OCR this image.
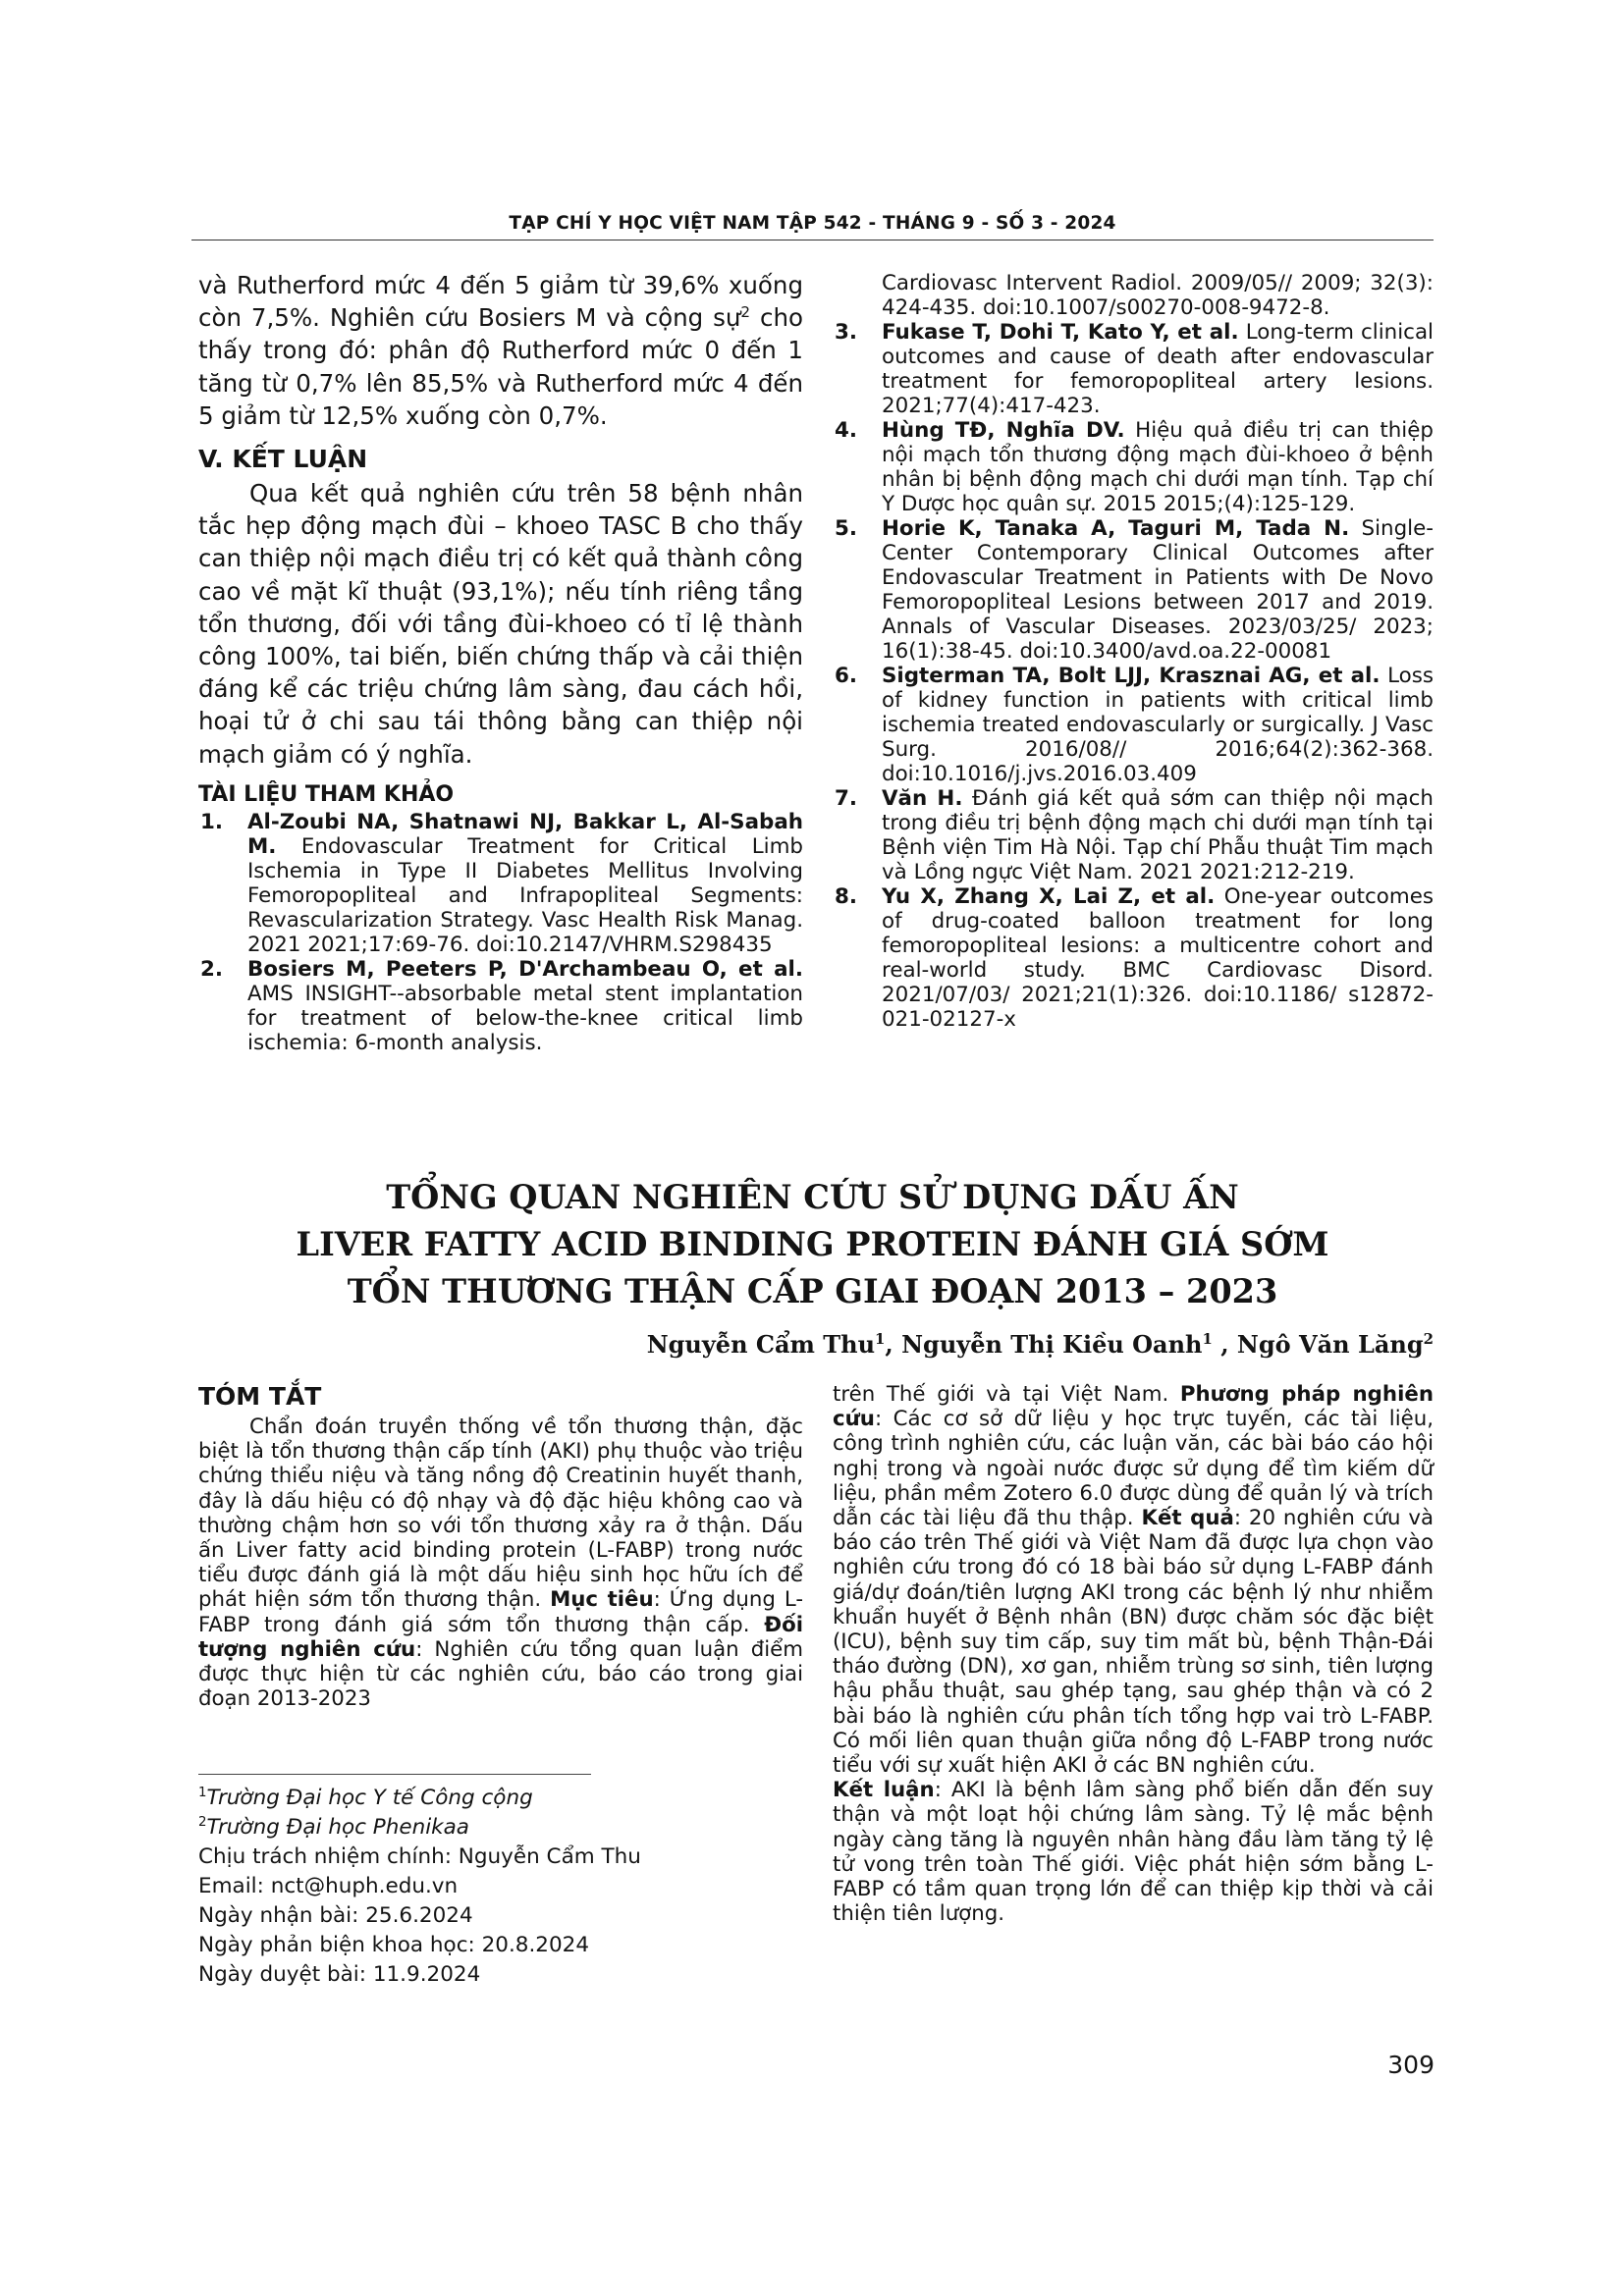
TẠP CHÍ Y HỌC VIỆT NAM TẬP 542 - THÁNG 9 - SỐ 3 - 2024

và Rutherford mức 4 đến 5 giảm từ 39,6% xuống còn 7,5%. Nghiên cứu Bosiers M và cộng sự$^2$ cho thấy trong đó: phân độ Rutherford mức 0 đến 1 tăng từ 0,7% lên 85,5% và Rutherford mức 4 đến 5 giảm từ 12,5% xuống còn 0,7%.

V. KẾT LUẬN

Qua kết quả nghiên cứu trên 58 bệnh nhân tắc hẹp động mạch đùi – khoeo TASC B cho thấy can thiệp nội mạch điều trị có kết quả thành công cao về mặt kĩ thuật (93,1%); nếu tính riêng tầng tổn thương, đối với tầng đùi-khoeo có tỉ lệ thành công 100%, tai biến, biến chứng thấp và cải thiện đáng kể các triệu chứng lâm sàng, đau cách hồi, hoại tử ở chi sau tái thông bằng can thiệp nội mạch giảm có ý nghĩa.

TÀI LIỆU THAM KHẢO

1.	Al-Zoubi NA, Shatnawi NJ, Bakkar L, Al-Sabah M. Endovascular Treatment for Critical Limb Ischemia in Type II Diabetes Mellitus Involving Femoropopliteal and Infrapopliteal Segments: Revascularization Strategy. Vasc Health Risk Manag. 2021 2021;17:69-76. doi:10.2147/VHRM.S298435
2.	Bosiers M, Peeters P, D'Archambeau O, et al. AMS INSIGHT--absorbable metal stent implantation for treatment of below-the-knee critical limb ischemia: 6-month analysis.

Cardiovasc Intervent Radiol. 2009/05// 2009; 32(3): 424-435. doi:10.1007/s00270-008-9472-8.

3.	Fukase T, Dohi T, Kato Y, et al. Long-term clinical outcomes and cause of death after endovascular treatment for femoropopliteal artery lesions. 2021;77(4):417-423.
4.	Hùng TĐ, Nghĩa DV. Hiệu quả điều trị can thiệp nội mạch tổn thương động mạch đùi-khoeo ở bệnh nhân bị bệnh động mạch chi dưới mạn tính. Tạp chí Y Dược học quân sự. 2015 2015;(4):125-129.
5.	Horie K, Tanaka A, Taguri M, Tada N. Single-Center Contemporary Clinical Outcomes after Endovascular Treatment in Patients with De Novo Femoropopliteal Lesions between 2017 and 2019. Annals of Vascular Diseases. 2023/03/25/ 2023; 16(1):38-45. doi:10.3400/avd.oa.22-00081
6.	Sigterman TA, Bolt LJJ, Krasznai AG, et al. Loss of kidney function in patients with critical limb ischemia treated endovascularly or surgically. J Vasc Surg. 2016/08// 2016;64(2):362-368. doi:10.1016/j.jvs.2016.03.409
7.	Văn H. Đánh giá kết quả sớm can thiệp nội mạch trong điều trị bệnh động mạch chi dưới mạn tính tại Bệnh viện Tim Hà Nội. Tạp chí Phẫu thuật Tim mạch và Lồng ngực Việt Nam. 2021 2021:212-219.
8.	Yu X, Zhang X, Lai Z, et al. One-year outcomes of drug-coated balloon treatment for long femoropopliteal lesions: a multicentre cohort and real-world study. BMC Cardiovasc Disord. 2021/07/03/ 2021;21(1):326. doi:10.1186/ s12872-021-02127-x
TỔNG QUAN NGHIÊN CỨU SỬ DỤNG DẤU ẤN
LIVER FATTY ACID BINDING PROTEIN ĐÁNH GIÁ SỚM
TỔN THƯƠNG THẬN CẤP GIAI ĐOẠN 2013 – 2023
Nguyễn Cẩm Thu$^1$, Nguyễn Thị Kiều Oanh$^1$ , Ngô Văn Lăng$^2$

TÓM TẮT

Chẩn đoán truyền thống về tổn thương thận, đặc biệt là tổn thương thận cấp tính (AKI) phụ thuộc vào triệu chứng thiểu niệu và tăng nồng độ Creatinin huyết thanh, đây là dấu hiệu có độ nhạy và độ đặc hiệu không cao và thường chậm hơn so với tổn thương xảy ra ở thận. Dấu ấn Liver fatty acid binding protein (L-FABP) trong nước tiểu được đánh giá là một dấu hiệu sinh học hữu ích để phát hiện sớm tổn thương thận. Mục tiêu: Ứng dụng L-FABP trong đánh giá sớm tổn thương thận cấp. Đối tượng nghiên cứu: Nghiên cứu tổng quan luận điểm được thực hiện từ các nghiên cứu, báo cáo trong giai đoạn 2013-2023

trên Thế giới và tại Việt Nam. Phương pháp nghiên cứu: Các cơ sở dữ liệu y học trực tuyến, các tài liệu, công trình nghiên cứu, các luận văn, các bài báo cáo hội nghị trong và ngoài nước được sử dụng để tìm kiếm dữ liệu, phần mềm Zotero 6.0 được dùng để quản lý và trích dẫn các tài liệu đã thu thập. Kết quả: 20 nghiên cứu và báo cáo trên Thế giới và Việt Nam đã được lựa chọn vào nghiên cứu trong đó có 18 bài báo sử dụng L-FABP đánh giá/dự đoán/tiên lượng AKI trong các bệnh lý như nhiễm khuẩn huyết ở Bệnh nhân (BN) được chăm sóc đặc biệt (ICU), bệnh suy tim cấp, suy tim mất bù, bệnh Thận-Đái tháo đường (DN), xơ gan, nhiễm trùng sơ sinh, tiên lượng hậu phẫu thuật, sau ghép tạng, sau ghép thận và có 2 bài báo là nghiên cứu phân tích tổng hợp vai trò L-FABP. Có mối liên quan thuận giữa nồng độ L-FABP trong nước tiểu với sự xuất hiện AKI ở các BN nghiên cứu.
Kết luận: AKI là bệnh lâm sàng phổ biến dẫn đến suy thận và một loạt hội chứng lâm sàng. Tỷ lệ mắc bệnh ngày càng tăng là nguyên nhân hàng đầu làm tăng tỷ lệ tử vong trên toàn Thế giới. Việc phát hiện sớm bằng L-FABP có tầm quan trọng lớn để can thiệp kịp thời và cải thiện tiên lượng.

$^1$Trường Đại học Y tế Công cộng
$^2$Trường Đại học Phenikaa
Chịu trách nhiệm chính: Nguyễn Cẩm Thu
Email: nct@huph.edu.vn
Ngày nhận bài: 25.6.2024
Ngày phản biện khoa học: 20.8.2024
Ngày duyệt bài: 11.9.2024
309
